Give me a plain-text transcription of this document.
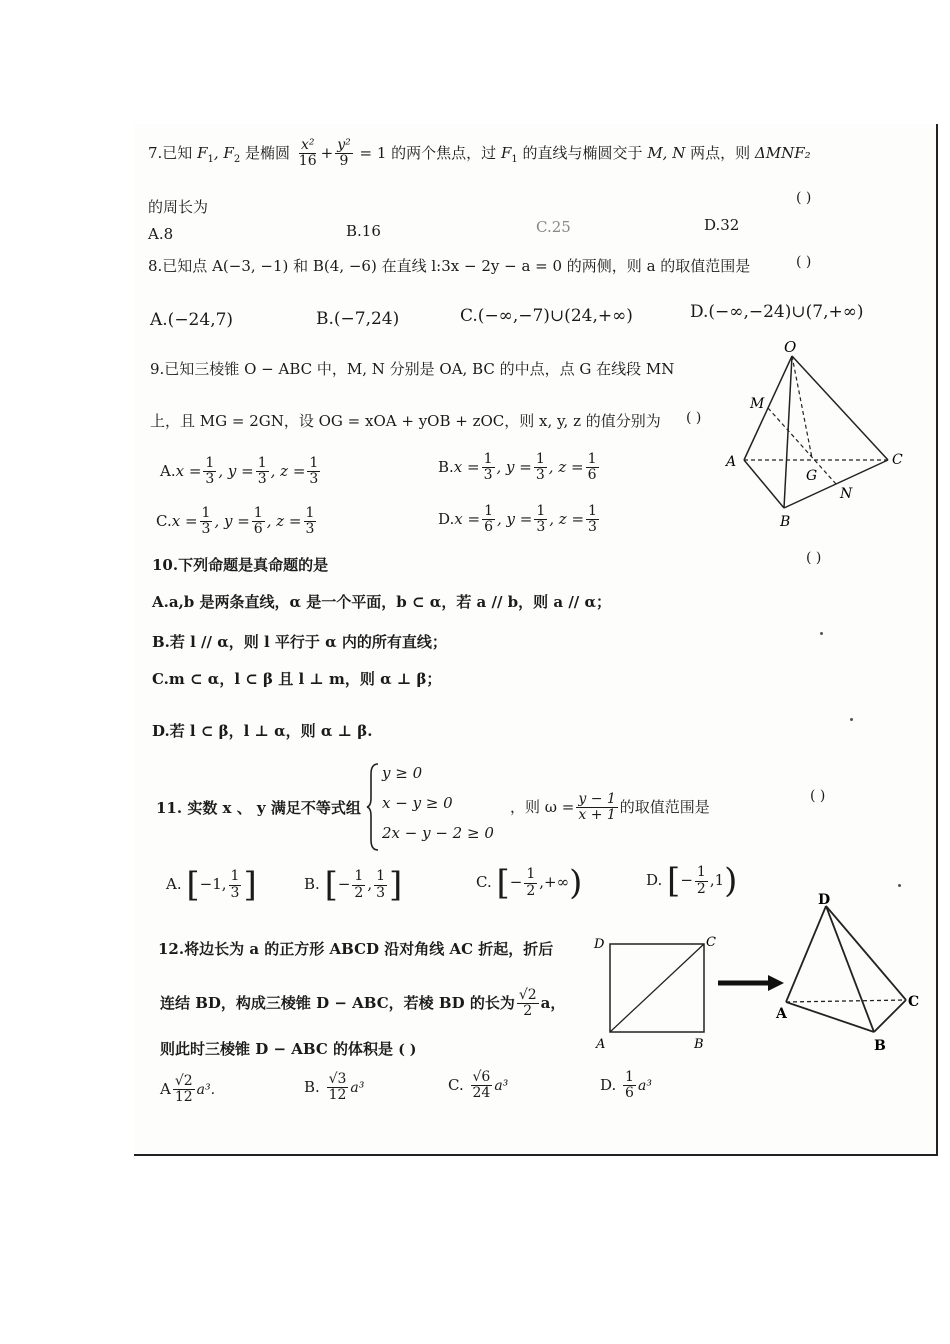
7.已知 $F_1$, $F_2$ 是椭圆 $\frac{\text{x²}}{16} + \frac{\text{y²}}{9} = 1$ 的两个焦点，过 $F_1$ 的直线与椭圆交于 M, N 两点，则 ΔMNF₂
的周长为	( )
A.8	B.16	C.25	D.32
8.已知点 A(−3, −1) 和 B(4, −6) 在直线 l:3x − 2y − a = 0 的两侧，则 a 的取值范围是	( )
A.(−24,7)	B.(−7,24)	C.(−∞,−7)∪(24,+∞)	D.(−∞,−24)∪(7,+∞)
9.已知三棱锥 O − ABC 中，M, N 分别是 OA, BC 的中点，点 G 在线段 MN
上，且 MG = 2GN，设 OG = xOA + yOB + zOC，则 x, y, z 的值分别为 ( )
$A.x = \frac{1}{3}$ , $y = \frac{1}{3}$ , $z = \frac{1}{3}$	$B.x = \frac{1}{3}$ , $y = \frac{1}{3}$ , $z = \frac{1}{6}$
$C.x = \frac{1}{3}$ , $y = \frac{1}{6}$ , $z = \frac{1}{3}$	$D.x = \frac{1}{6}$ , $y = \frac{1}{3}$ , $z = \frac{1}{3}$
O
M
A
G
C
N
B
10.下列命题是真命题的是	( )
A.a,b 是两条直线，α 是一个平面，b ⊂ α，若 a // b，则 a // α；
B.若 l // α，则 l 平行于 α 内的所有直线；
C.m ⊂ α，l ⊂ β 且 l ⊥ m，则 α ⊥ β；
D.若 l ⊂ β，l ⊥ α，则 α ⊥ β.
11. 实数 x 、 y 满足不等式组
y ≥ 0
x − y ≥ 0
2x − y − 2 ≥ 0
，则 $\omega = \frac{y - 1}{x + 1}$ 的取值范围是
( )
A. [−1, $\frac{1}{3}$ ]	B. [− $\frac{1}{2}$ , $\frac{1}{3}$ ]	C. [− $\frac{1}{2}$ ,+∞)	D. [− $\frac{1}{2} ,1$)
12.将边长为 a 的正方形 ABCD 沿对角线 AC 折起，折后
连结 BD，构成三棱锥 D − ABC，若棱 BD 的长为 $\frac{√2}{2}$ a，
则此时三棱锥 D − ABC 的体积是 ( )
A $\frac{√2}{12} a^3$.	B. $\frac{√3}{12} a^3$	C. $\frac{√6}{24} a^3$	D. $\frac{1}{6} a^3$
D	C
A	B
D
A
C
B
